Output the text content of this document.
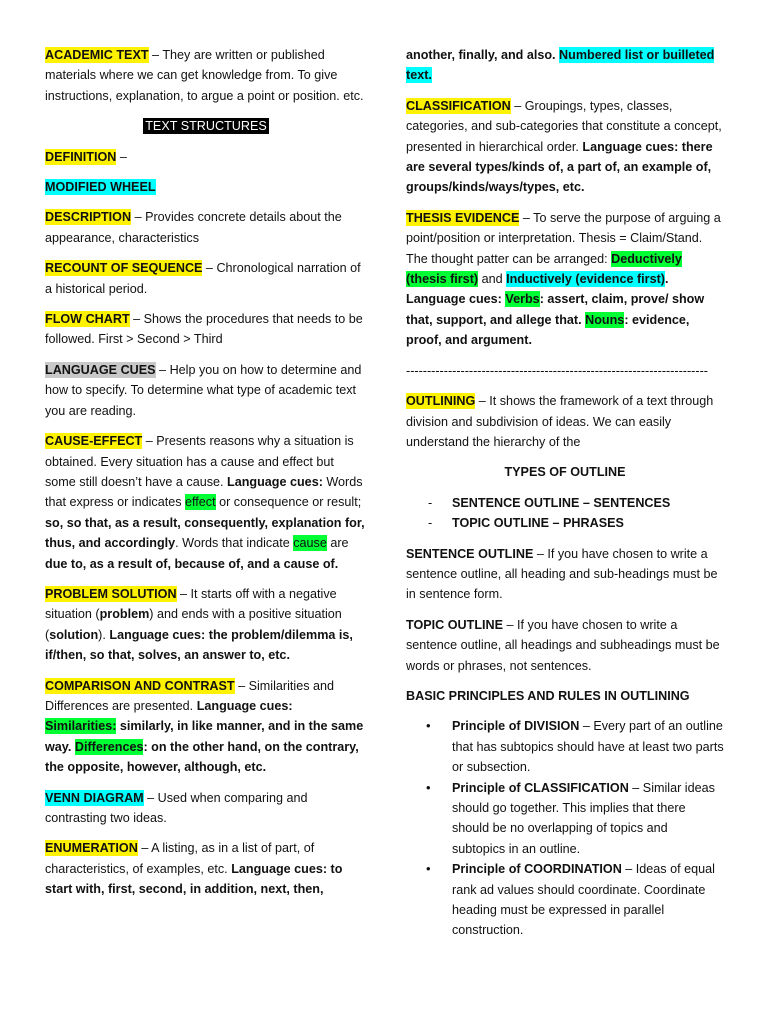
ACADEMIC TEXT – They are written or published materials where we can get knowledge from. To give instructions, explanation, to argue a point or position. etc.

TEXT STRUCTURES

DEFINITION –

MODIFIED WHEEL

DESCRIPTION – Provides concrete details about the appearance, characteristics

RECOUNT OF SEQUENCE – Chronological narration of a historical period.

FLOW CHART – Shows the procedures that needs to be followed. First > Second > Third

LANGUAGE CUES – Help you on how to determine and how to specify. To determine what type of academic text you are reading.

CAUSE-EFFECT – Presents reasons why a situation is obtained. Every situation has a cause and effect but some still doesn’t have a cause. Language cues: Words that express or indicates effect or consequence or result; so, so that, as a result, consequently, explanation for, thus, and accordingly. Words that indicate cause are due to, as a result of, because of, and a cause of.

PROBLEM SOLUTION – It starts off with a negative situation (problem) and ends with a positive situation (solution). Language cues: the problem/dilemma is, if/then, so that, solves, an answer to, etc.

COMPARISON AND CONTRAST – Similarities and Differences are presented. Language cues: Similarities: similarly, in like manner, and in the same way. Differences: on the other hand, on the contrary, the opposite, however, although, etc.

VENN DIAGRAM – Used when comparing and contrasting two ideas.

ENUMERATION – A listing, as in a list of part, of characteristics, of examples, etc. Language cues: to start with, first, second, in addition, next, then,

another, finally, and also. Numbered list or builleted text.

CLASSIFICATION – Groupings, types, classes, categories, and sub-categories that constitute a concept, presented in hierarchical order. Language cues: there are several types/kinds of, a part of, an example of, groups/kinds/ways/types, etc.

THESIS EVIDENCE – To serve the purpose of arguing a point/position or interpretation. Thesis = Claim/Stand. The thought patter can be arranged: Deductively (thesis first) and Inductively (evidence first). Language cues: Verbs: assert, claim, prove/ show that, support, and allege that. Nouns: evidence, proof, and argument.

------------------------------------------------------------------------

OUTLINING – It shows the framework of a text through division and subdivision of ideas. We can easily understand the hierarchy of the

TYPES OF OUTLINE

- SENTENCE OUTLINE – SENTENCES
- TOPIC OUTLINE – PHRASES

SENTENCE OUTLINE – If you have chosen to write a sentence outline, all heading and sub-headings must be in sentence form.

TOPIC OUTLINE – If you have chosen to write a sentence outline, all headings and subheadings must be words or phrases, not sentences.

BASIC PRINCIPLES AND RULES IN OUTLINING

• Principle of DIVISION – Every part of an outline that has subtopics should have at least two parts or subsection.
• Principle of CLASSIFICATION – Similar ideas should go together. This implies that there should be no overlapping of topics and subtopics in an outline.
• Principle of COORDINATION – Ideas of equal rank ad values should coordinate. Coordinate heading must be expressed in parallel construction.
